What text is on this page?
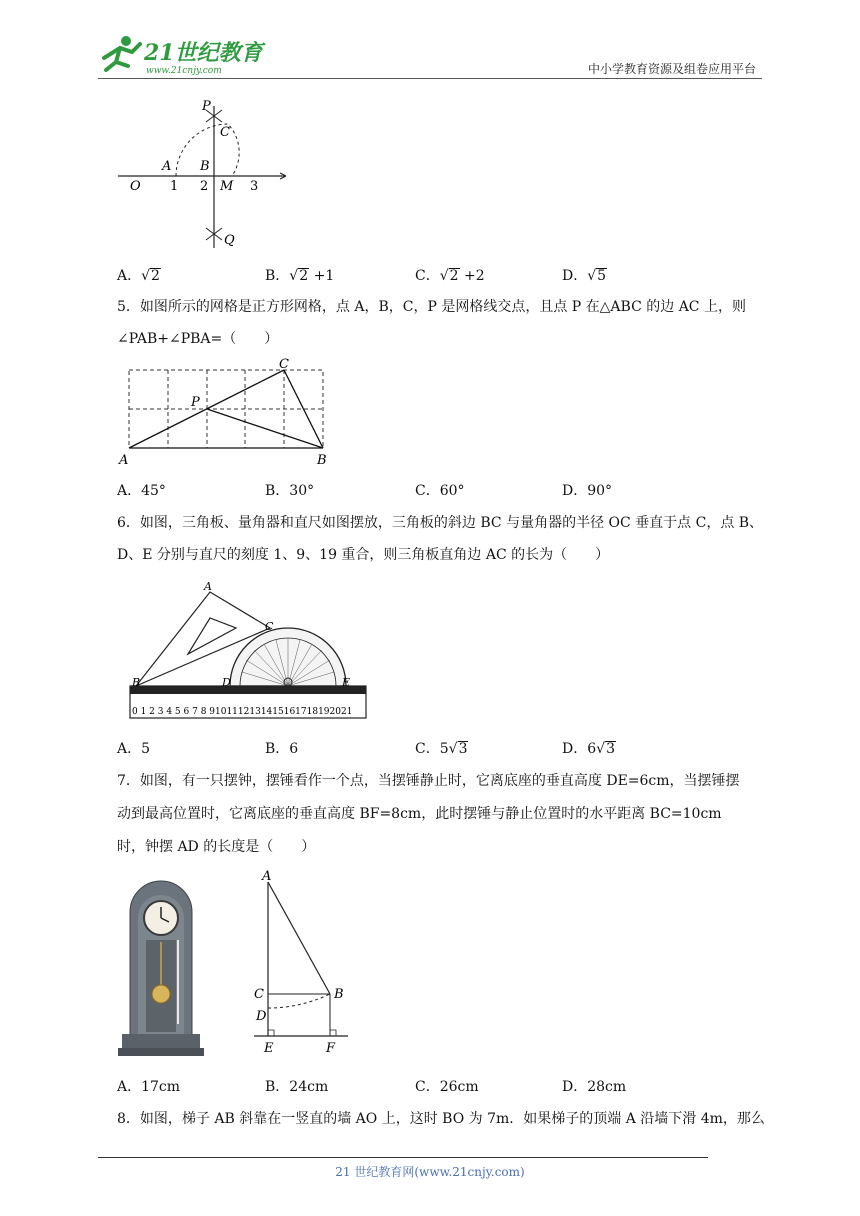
21世纪教育
www.21cnjy.com	中小学教育资源及组卷应用平台
P
C
A B
O 1 2 M 3
Q
A．√2	B．√2 +1	C．√2 +2	D．√5
5．如图所示的网格是正方形网格，点 A，B，C，P 是网格线交点，且点 P 在△ABC 的边 AC 上，则
∠PAB+∠PBA=（　　）
A	B
C
P
A．45°	B．30°	C．60°	D．90°
6．如图，三角板、量角器和直尺如图摆放，三角板的斜边 BC 与量角器的半径 OC 垂直于点 C，点 B、
D、E 分别与直尺的刻度 1、9、19 重合，则三角板直角边 AC 的长为（　　）
0 1 2 3 4 5 6 7 8 9101112131415161718192021
A
C
B	D	E
A．5	B．6	C．5√3	D．6√3
7．如图，有一只摆钟，摆锤看作一个点，当摆锤静止时，它离底座的垂直高度 DE=6cm，当摆锤摆
动到最高位置时，它离底座的垂直高度 BF=8cm，此时摆锤与静止位置时的水平距离 BC=10cm
时，钟摆 AD 的长度是（　　）
A
B
C
D
E	F
A．17cm	B．24cm	C．26cm	D．28cm
8．如图，梯子 AB 斜靠在一竖直的墙 AO 上，这时 BO 为 7m．如果梯子的顶端 A 沿墙下滑 4m，那么
21 世纪教育网(www.21cnjy.com)
